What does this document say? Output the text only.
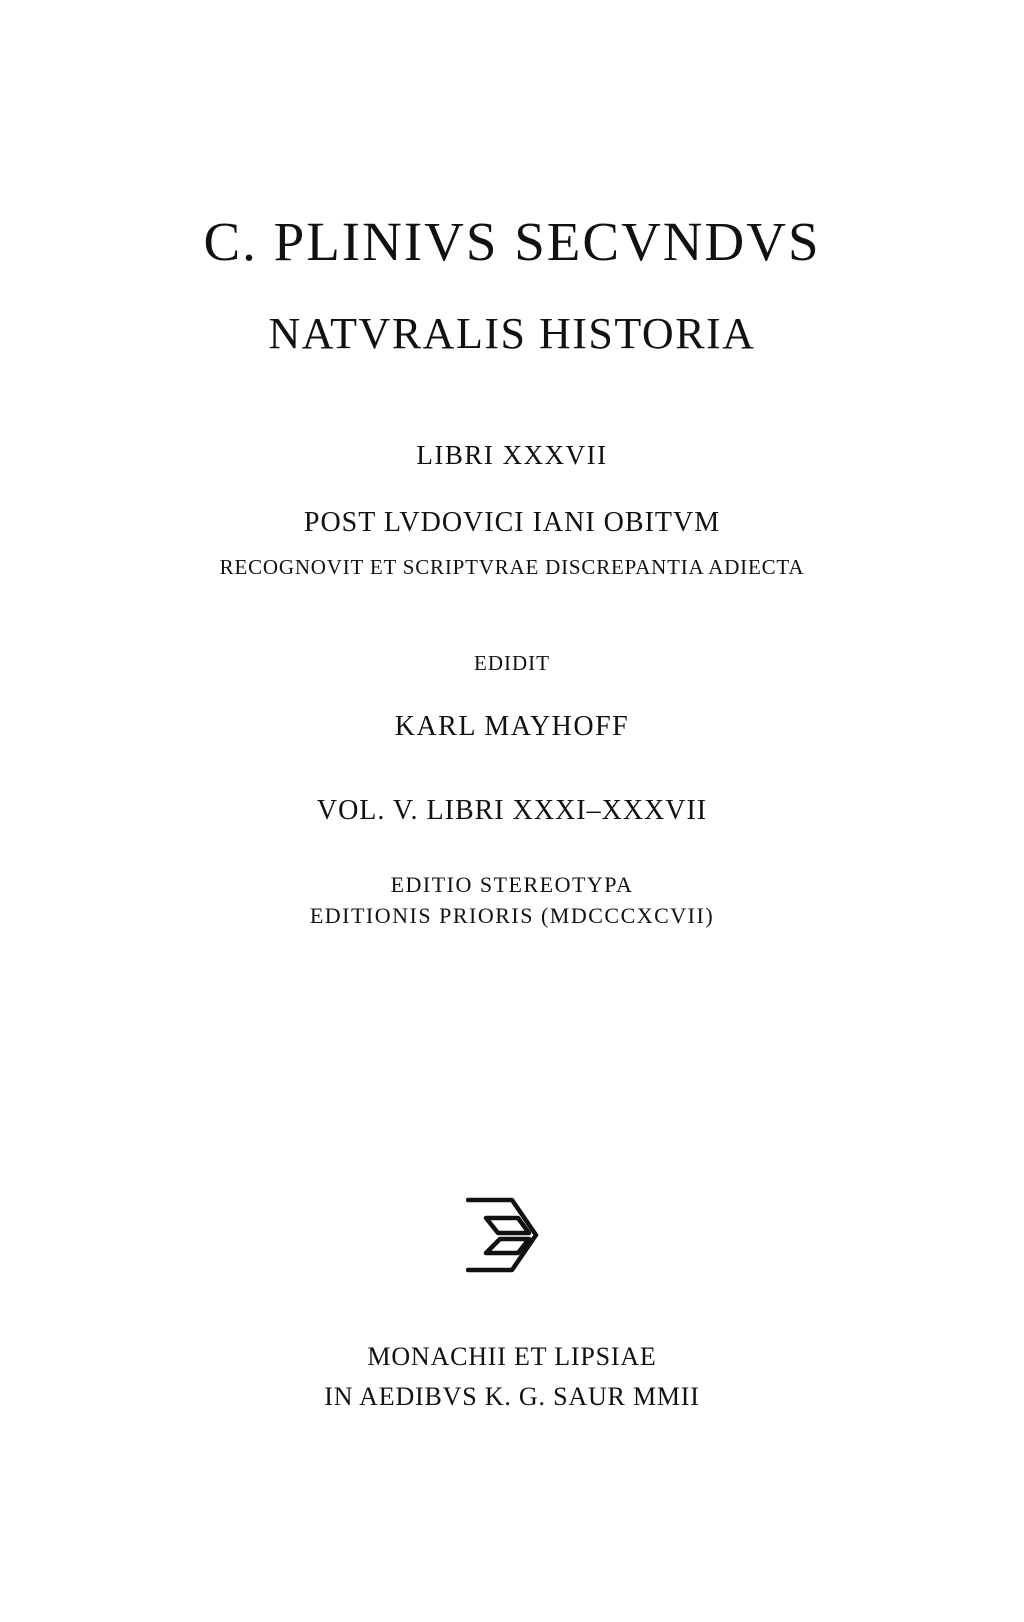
C. PLINIVS SECVNDVS
NATVRALIS HISTORIA
LIBRI XXXVII
POST LVDOVICI IANI OBITVM
RECOGNOVIT ET SCRIPTVRAE DISCREPANTIA ADIECTA
EDIDIT
KARL MAYHOFF
VOL. V. LIBRI XXXI–XXXVII
EDITIO STEREOTYPA
EDITIONIS PRIORIS (MDCCCXCVII)
MONACHII ET LIPSIAE
IN AEDIBVS K. G. SAUR MMII
